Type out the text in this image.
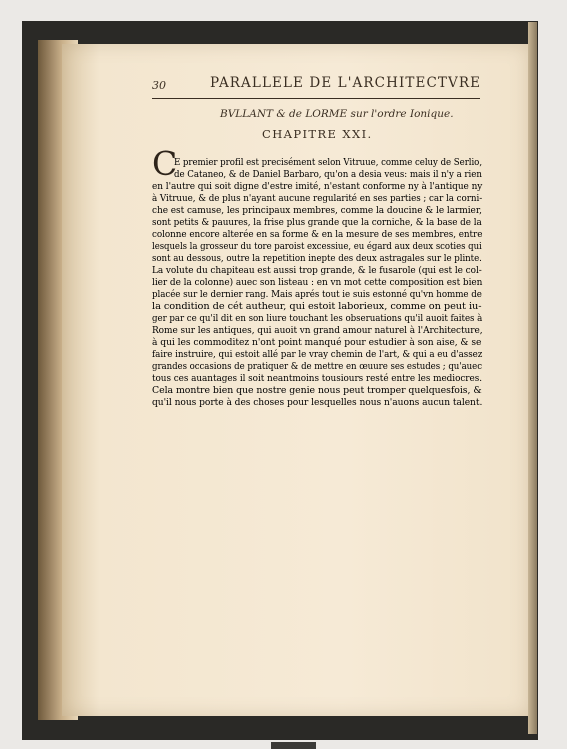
30	PARALLELE DE L'ARCHITECTVRE
BVLLANT & de LORME sur l'ordre Ionique.
CHAPITRE XXI.
C
E premier profil est precisément selon Vitruue, comme celuy de Serlio,
de Cataneo, & de Daniel Barbaro, qu'on a desia veus: mais il n'y a rien
en l'autre qui soit digne d'estre imité, n'estant conforme ny à l'antique ny
à Vitruue, & de plus n'ayant aucune regularité en ses parties ; car la corni-
che est camuse, les principaux membres, comme la doucine & le larmier,
sont petits & pauures, la frise plus grande que la corniche, & la base de la
colonne encore alterée en sa forme & en la mesure de ses membres, entre
lesquels la grosseur du tore paroist excessiue, eu égard aux deux scoties qui
sont au dessous, outre la repetition inepte des deux astragales sur le plinte.
La volute du chapiteau est aussi trop grande, & le fusarole (qui est le col-
lier de la colonne) auec son listeau : en vn mot cette composition est bien
placée sur le dernier rang. Mais aprés tout ie suis estonné qu'vn homme de
la condition de cét autheur, qui estoit laborieux, comme on peut iu-
ger par ce qu'il dit en son liure touchant les obseruations qu'il auoit faites à
Rome sur les antiques, qui auoit vn grand amour naturel à l'Architecture,
à qui les commoditez n'ont point manqué pour estudier à son aise, & se
faire instruire, qui estoit allé par le vray chemin de l'art, & qui a eu d'assez
grandes occasions de pratiquer & de mettre en œuure ses estudes ; qu'auec
tous ces auantages il soit neantmoins tousiours resté entre les mediocres.
Cela montre bien que nostre genie nous peut tromper quelquesfois, &
qu'il nous porte à des choses pour lesquelles nous n'auons aucun talent.
